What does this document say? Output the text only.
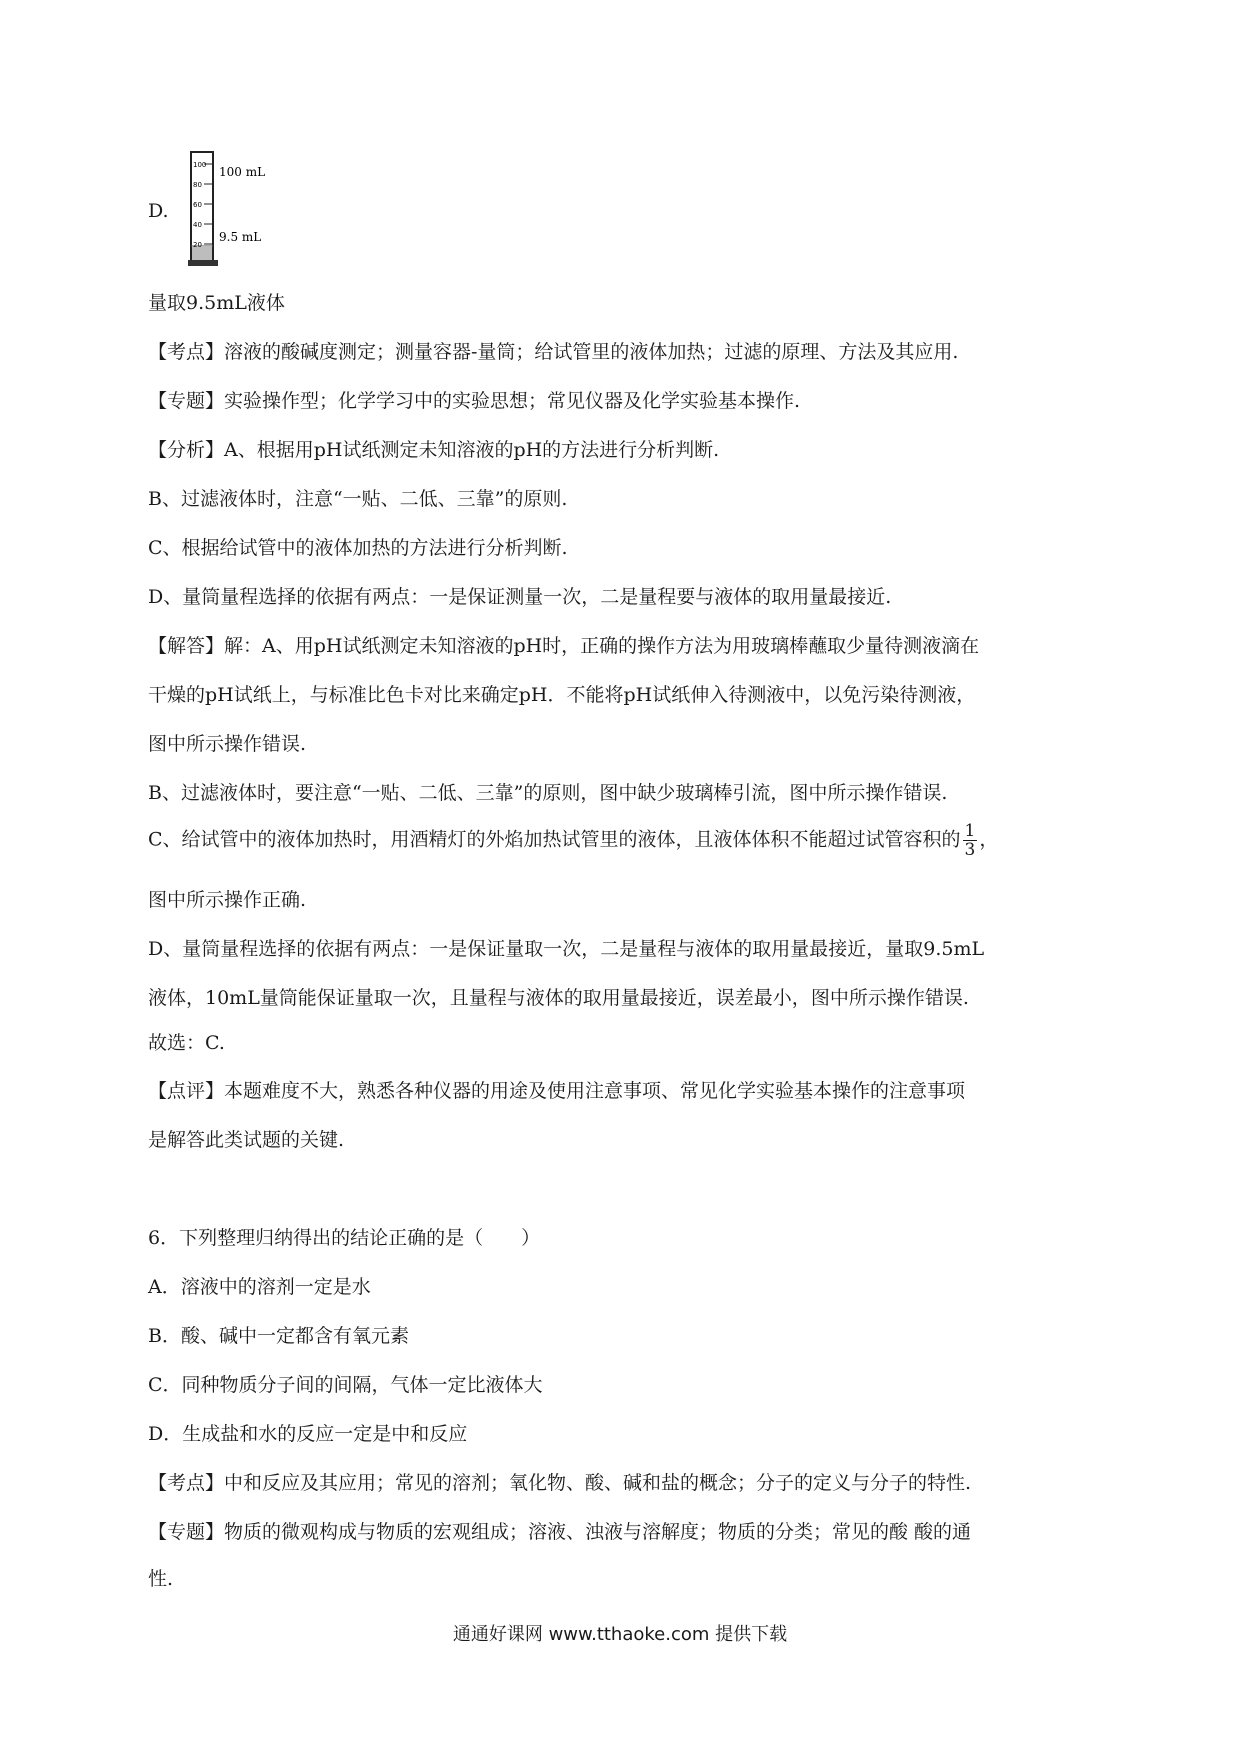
D.
100
80
60
40
20
100 mL
9.5 mL
量取9.5mL液体
【考点】溶液的酸碱度测定；测量容器-量筒；给试管里的液体加热；过滤的原理、方法及其应用.
【专题】实验操作型；化学学习中的实验思想；常见仪器及化学实验基本操作.
【分析】A、根据用pH试纸测定未知溶液的pH的方法进行分析判断.
B、过滤液体时，注意“一贴、二低、三靠”的原则.
C、根据给试管中的液体加热的方法进行分析判断.
D、量筒量程选择的依据有两点：一是保证测量一次，二是量程要与液体的取用量最接近.
【解答】解：A、用pH试纸测定未知溶液的pH时，正确的操作方法为用玻璃棒蘸取少量待测液滴在
干燥的pH试纸上，与标准比色卡对比来确定pH．不能将pH试纸伸入待测液中，以免污染待测液，
图中所示操作错误.
B、过滤液体时，要注意“一贴、二低、三靠”的原则，图中缺少玻璃棒引流，图中所示操作错误.
C、给试管中的液体加热时，用酒精灯的外焰加热试管里的液体，且液体体积不能超过试管容积的 $\frac{1}{3}$ ，
图中所示操作正确.
D、量筒量程选择的依据有两点：一是保证量取一次，二是量程与液体的取用量最接近，量取9.5mL
液体，10mL量筒能保证量取一次，且量程与液体的取用量最接近，误差最小，图中所示操作错误.
故选：C.
【点评】本题难度不大，熟悉各种仪器的用途及使用注意事项、常见化学实验基本操作的注意事项
是解答此类试题的关键.
6．下列整理归纳得出的结论正确的是（　　）
A．溶液中的溶剂一定是水
B．酸、碱中一定都含有氧元素
C．同种物质分子间的间隔，气体一定比液体大
D．生成盐和水的反应一定是中和反应
【考点】中和反应及其应用；常见的溶剂；氧化物、酸、碱和盐的概念；分子的定义与分子的特性.
【专题】物质的微观构成与物质的宏观组成；溶液、浊液与溶解度；物质的分类；常见的酸 酸的通
性.
通通好课网 www.tthaoke.com 提供下载
